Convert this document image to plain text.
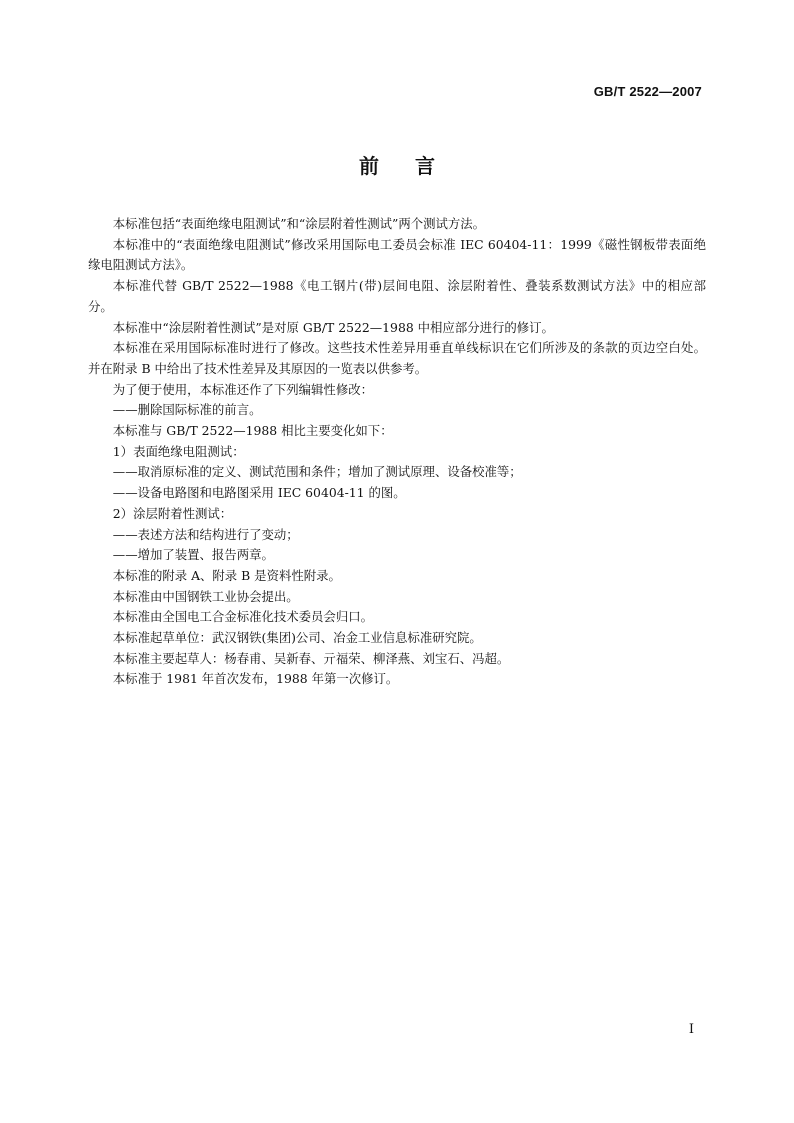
GB/T 2522—2007
前言

本标准包括“表面绝缘电阻测试”和“涂层附着性测试”两个测试方法。

本标准中的“表面绝缘电阻测试”修改采用国际电工委员会标准 IEC 60404-11：1999《磁性钢板带表面绝缘电阻测试方法》。

本标准代替 GB/T 2522—1988《电工钢片(带)层间电阻、涂层附着性、叠装系数测试方法》中的相应部分。

本标准中“涂层附着性测试”是对原 GB/T 2522—1988 中相应部分进行的修订。

本标准在采用国际标准时进行了修改。这些技术性差异用垂直单线标识在它们所涉及的条款的页边空白处。并在附录 B 中给出了技术性差异及其原因的一览表以供参考。

为了便于使用，本标准还作了下列编辑性修改：

——删除国际标准的前言。

本标准与 GB/T 2522—1988 相比主要变化如下：

1）表面绝缘电阻测试：

——取消原标准的定义、测试范围和条件；增加了测试原理、设备校准等；

——设备电路图和电路图采用 IEC 60404-11 的图。

2）涂层附着性测试：

——表述方法和结构进行了变动；

——增加了装置、报告两章。

本标准的附录 A、附录 B 是资料性附录。

本标准由中国钢铁工业协会提出。

本标准由全国电工合金标准化技术委员会归口。

本标准起草单位：武汉钢铁(集团)公司、冶金工业信息标准研究院。

本标准主要起草人：杨春甫、吴新春、亓福荣、柳泽燕、刘宝石、冯超。

本标准于 1981 年首次发布，1988 年第一次修订。

I
